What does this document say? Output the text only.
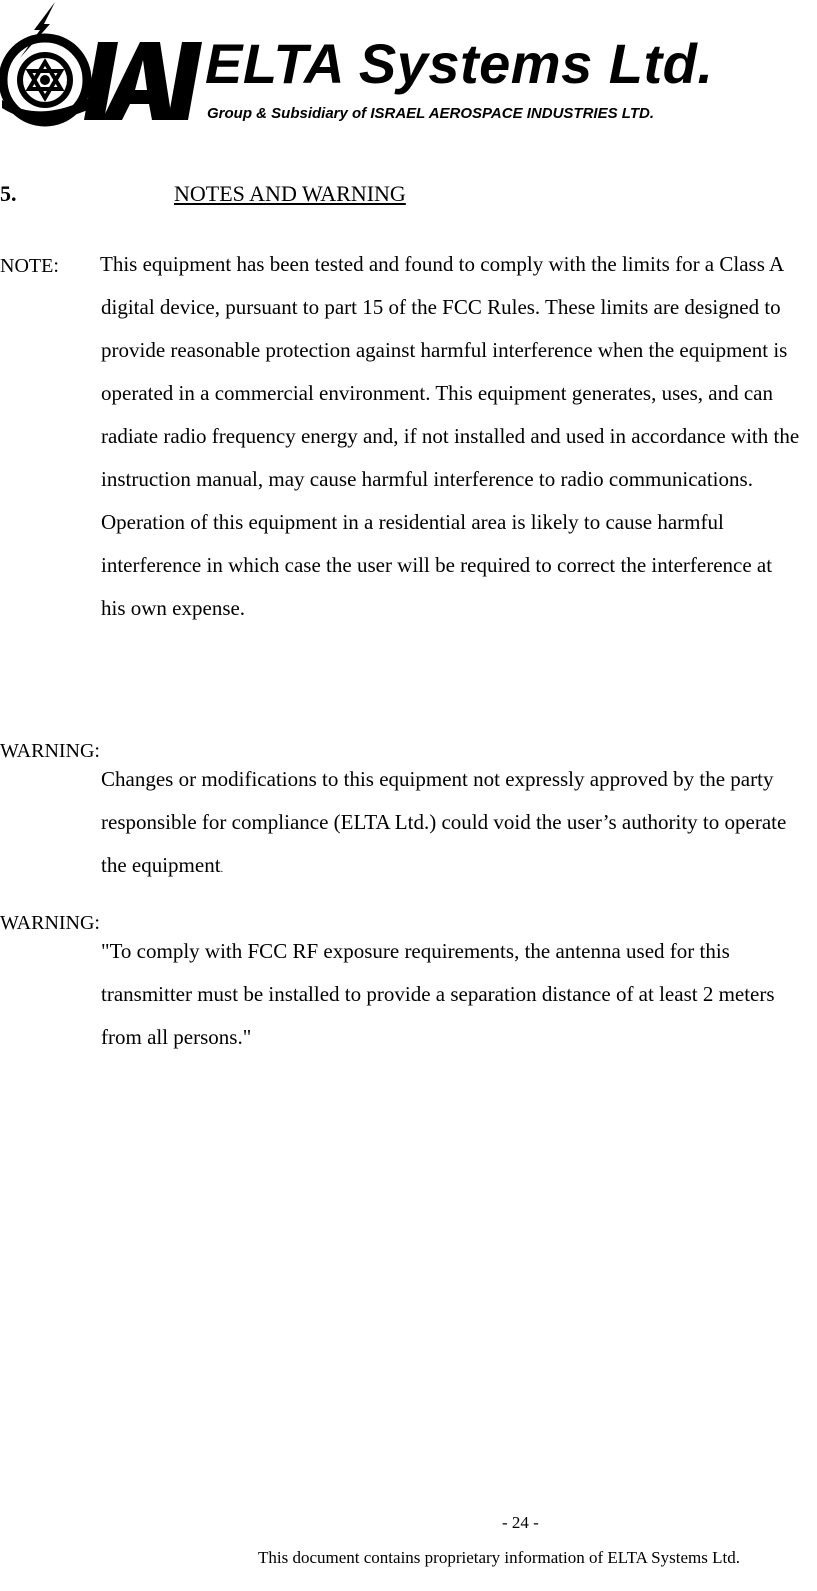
ELTA Systems Ltd.
Group & Subsidiary of ISRAEL AEROSPACE INDUSTRIES LTD.
5.	NOTES AND WARNING
NOTE: This equipment has been tested and found to comply with the limits for a Class A digital device, pursuant to part 15 of the FCC Rules. These limits are designed to provide reasonable protection against harmful interference when the equipment is operated in a commercial environment. This equipment generates, uses, and can radiate radio frequency energy and, if not installed and used in accordance with the instruction manual, may cause harmful interference to radio communications. Operation of this equipment in a residential area is likely to cause harmful interference in which case the user will be required to correct the interference at his own expense.

WARNING:

Changes or modifications to this equipment not expressly approved by the party responsible for compliance (ELTA Ltd.) could void the user’s authority to operate the equipment.

WARNING:

"To comply with FCC RF exposure requirements, the antenna used for this transmitter must be installed to provide a separation distance of at least 2 meters from all persons."

- 24 -
This document contains proprietary information of ELTA Systems Ltd.
